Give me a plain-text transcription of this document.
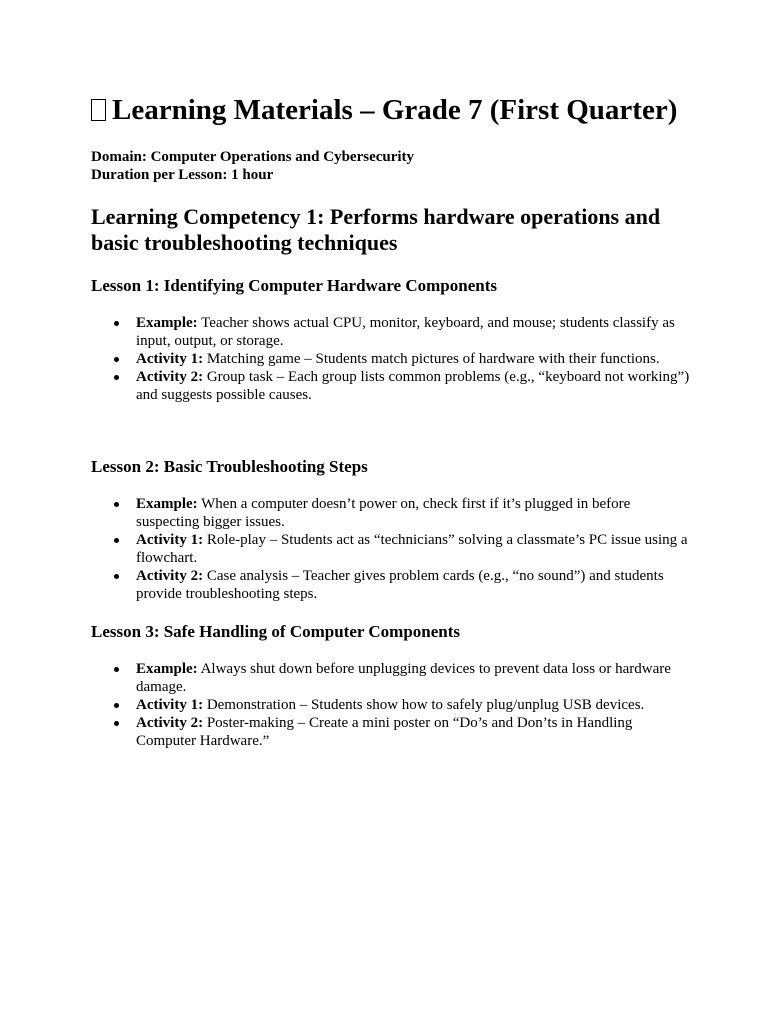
Learning Materials – Grade 7 (First Quarter)
Domain: Computer Operations and Cybersecurity
Duration per Lesson: 1 hour
Learning Competency 1: Performs hardware operations and basic troubleshooting techniques
Lesson 1: Identifying Computer Hardware Components
Example: Teacher shows actual CPU, monitor, keyboard, and mouse; students classify as input, output, or storage.
Activity 1: Matching game – Students match pictures of hardware with their functions.
Activity 2: Group task – Each group lists common problems (e.g., “keyboard not working”) and suggests possible causes.
Lesson 2: Basic Troubleshooting Steps
Example: When a computer doesn’t power on, check first if it’s plugged in before suspecting bigger issues.
Activity 1: Role-play – Students act as “technicians” solving a classmate’s PC issue using a flowchart.
Activity 2: Case analysis – Teacher gives problem cards (e.g., “no sound”) and students provide troubleshooting steps.
Lesson 3: Safe Handling of Computer Components
Example: Always shut down before unplugging devices to prevent data loss or hardware damage.
Activity 1: Demonstration – Students show how to safely plug/unplug USB devices.
Activity 2: Poster-making – Create a mini poster on “Do’s and Don’ts in Handling Computer Hardware.”
